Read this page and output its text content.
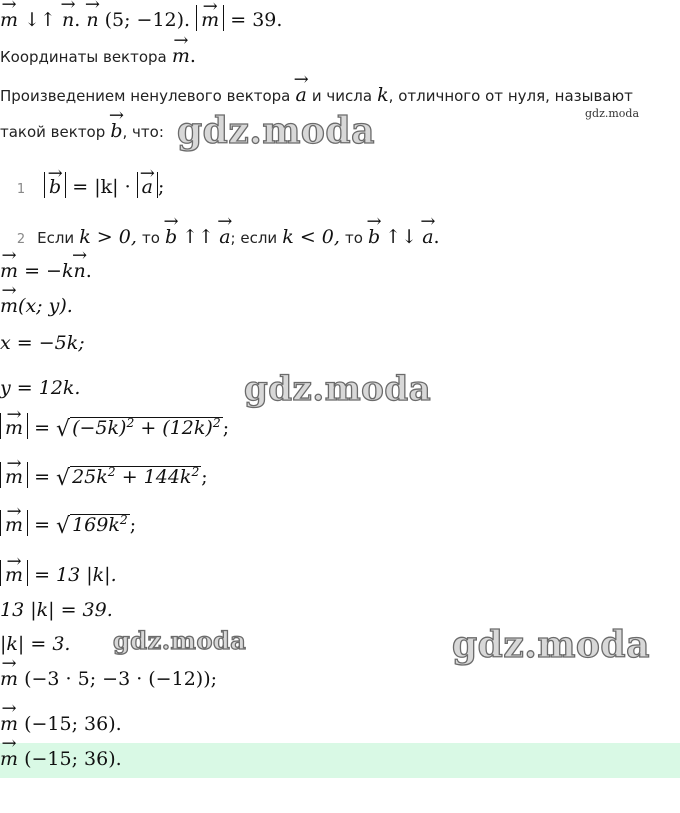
→ m ↓↑ → n. → n (5; −12). → m = 39.
Координаты вектора → m.
Произведением ненулевого вектора → a и числа k, отличного от нуля, называют
gdz.moda
такой вектор → b, что: gdz.moda
1 → b = |k| · → a ;
2 Если k > 0, то → b ↑↑ → a; если k < 0, то → b ↑↓ → a.
→ m = −k→ n.
→ m(x; y).
x = −5k;
y = 12k.	gdz.moda
→ m = √ $(-5k)^2 + (12k)^2$ ;
→ m = √ $25k^2 + 144k^2$ ;
→ m = √ $169k^2$ ;
→ m = 13 |k|.
13 |k| = 39.
|k| = 3. gdz.moda	gdz.moda
→ m (−3 · 5; −3 · (−12));
→ m (−15; 36).
→ m (−15; 36).
